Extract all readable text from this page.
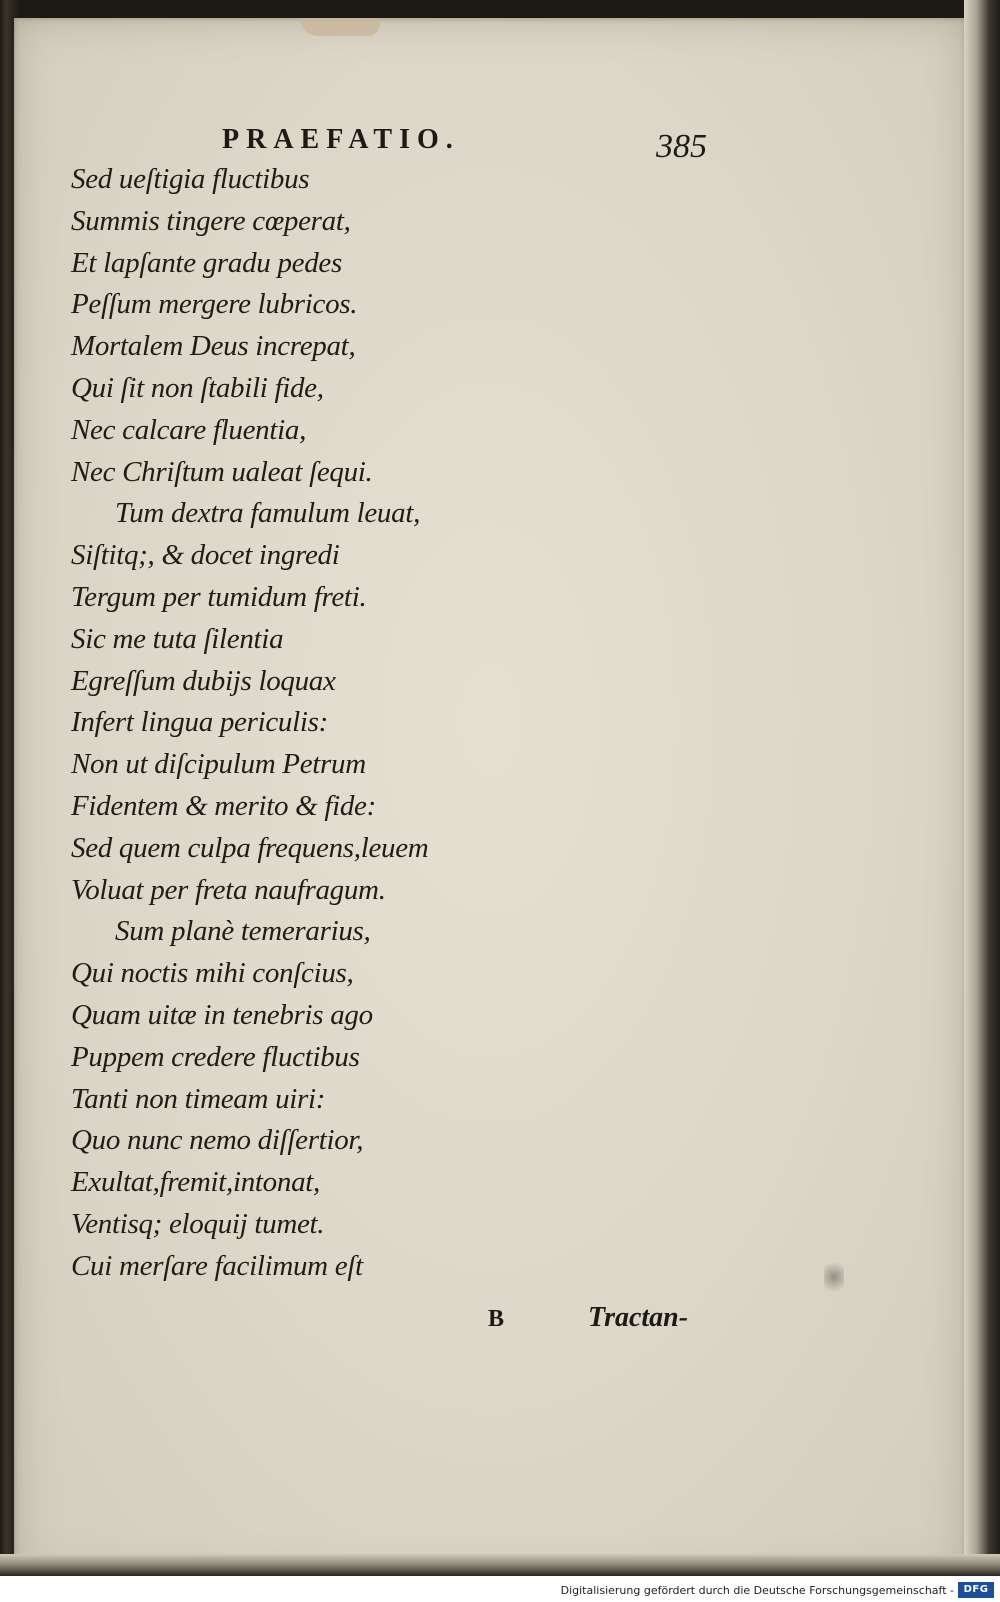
PRAEFATIO.	385
Sed ueſtigia fluctibus
Summis tingere cœperat,
Et lapſante gradu pedes
Peſſum mergere lubricos.
Mortalem Deus increpat,
Qui ſit non ſtabili fide,
Nec calcare fluentia,
Nec Chriſtum ualeat ſequi.
Tum dextra famulum leuat,
Siſtitq;, & docet ingredi
Tergum per tumidum freti.
Sic me tuta ſilentia
Egreſſum dubijs loquax
Infert lingua periculis:
Non ut diſcipulum Petrum
Fidentem & merito & fide:
Sed quem culpa frequens,leuem
Voluat per freta naufragum.
Sum planè temerarius,
Qui noctis mihi conſcius,
Quam uitæ in tenebris ago
Puppem credere fluctibus
Tanti non timeam uiri:
Quo nunc nemo diſſertior,
Exultat,fremit,intonat,
Ventisq; eloquij tumet.
Cui merſare facilimum eſt
B	Tractan-
Digitalisierung gefördert durch die Deutsche Forschungsgemeinschaft - DFG
